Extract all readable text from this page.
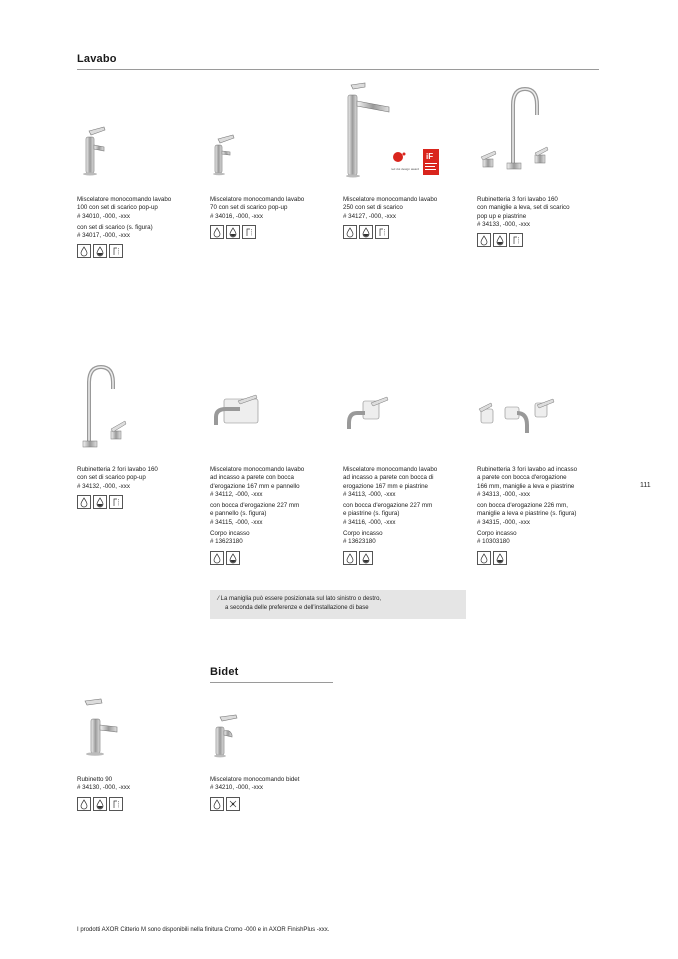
Lavabo
Bidet
Miscelatore monocomando lavabo
100 con set di scarico pop-up
# 34010, -000, -xxx
con set di scarico (s. figura)
# 34017, -000, -xxx
Miscelatore monocomando lavabo
70 con set di scarico pop-up
# 34016, -000, -xxx
red dot design award
iF
Miscelatore monocomando lavabo
250 con set di scarico
# 34127, -000, -xxx
Rubinetteria 3 fori lavabo 160
con maniglie a leva, set di scarico
pop up e piastrine
# 34133, -000, -xxx
Rubinetteria 2 fori lavabo 160
con set di scarico pop-up
# 34132, -000, -xxx
Miscelatore monocomando lavabo
ad incasso a parete con bocca
d'erogazione 167 mm e pannello
# 34112, -000, -xxx
con bocca d'erogazione 227 mm
e pannello (s. figura)
# 34115, -000, -xxx
Corpo incasso
# 13623180
Miscelatore monocomando lavabo
ad incasso a parete con bocca di
erogazione 167 mm e piastrine
# 34113, -000, -xxx
con bocca d'erogazione 227 mm
e piastrine (s. figura)
# 34116, -000, -xxx
Corpo incasso
# 13623180
Rubinetteria 3 fori lavabo ad incasso
a parete con bocca d'erogazione
166 mm, maniglie a leva e piastrine
# 34313, -000, -xxx
con bocca d'erogazione 226 mm,
maniglie a leva e piastrine (s. figura)
# 34315, -000, -xxx
Corpo incasso
# 10303180
⁄ La maniglia può essere posizionata sul lato sinistro o destro,
a seconda delle preferenze e dell'installazione di base
Rubinetto 90
# 34130, -000, -xxx
Miscelatore monocomando bidet
# 34210, -000, -xxx
111
I prodotti AXOR Citterio M sono disponibili nella finitura Cromo -000 e in AXOR FinishPlus -xxx.
